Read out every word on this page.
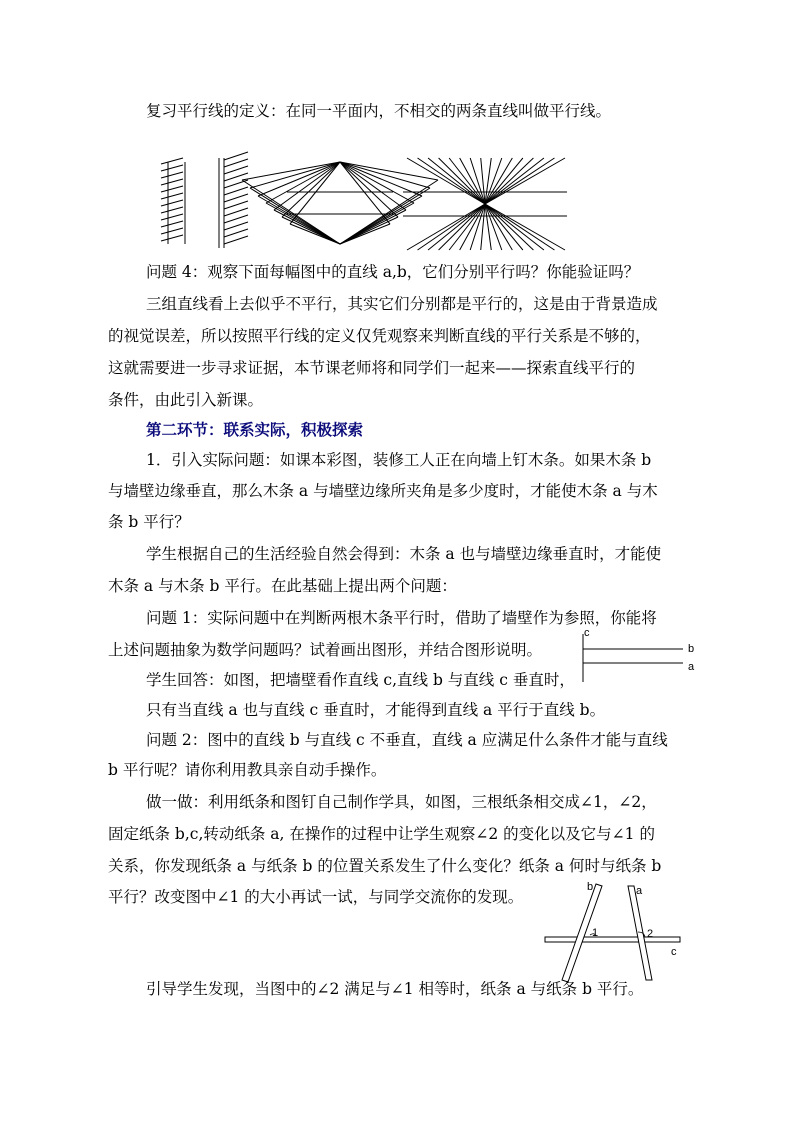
复习平行线的定义：在同一平面内，不相交的两条直线叫做平行线。
问题 4：观察下面每幅图中的直线 a,b，它们分别平行吗？你能验证吗？
三组直线看上去似乎不平行，其实它们分别都是平行的，这是由于背景造成
的视觉误差，所以按照平行线的定义仅凭观察来判断直线的平行关系是不够的，
这就需要进一步寻求证据，本节课老师将和同学们一起来——探索直线平行的
条件，由此引入新课。
第二环节：联系实际，积极探索
1．引入实际问题：如课本彩图，装修工人正在向墙上钉木条。如果木条 b
与墙壁边缘垂直，那么木条 a 与墙壁边缘所夹角是多少度时，才能使木条 a 与木
条 b 平行？
学生根据自己的生活经验自然会得到：木条 a 也与墙壁边缘垂直时，才能使
木条 a 与木条 b 平行。在此基础上提出两个问题：
问题 1：实际问题中在判断两根木条平行时，借助了墙壁作为参照，你能将
上述问题抽象为数学问题吗？试着画出图形，并结合图形说明。
学生回答：如图，把墙壁看作直线 c,直线 b 与直线 c 垂直时，
只有当直线 a 也与直线 c 垂直时，才能得到直线 a 平行于直线 b。
c
b
a
问题 2：图中的直线 b 与直线 c 不垂直，直线 a 应满足什么条件才能与直线
b 平行呢？请你利用教具亲自动手操作。
做一做：利用纸条和图钉自己制作学具，如图，三根纸条相交成∠1，∠2，
固定纸条 b,c,转动纸条 a, 在操作的过程中让学生观察∠2 的变化以及它与∠1 的
关系，你发现纸条 a 与纸条 b 的位置关系发生了什么变化？纸条 a 何时与纸条 b
平行？改变图中∠1 的大小再试一试，与同学交流你的发现。
b	a
c
1	2
引导学生发现，当图中的∠2 满足与∠1 相等时，纸条 a 与纸条 b 平行。
